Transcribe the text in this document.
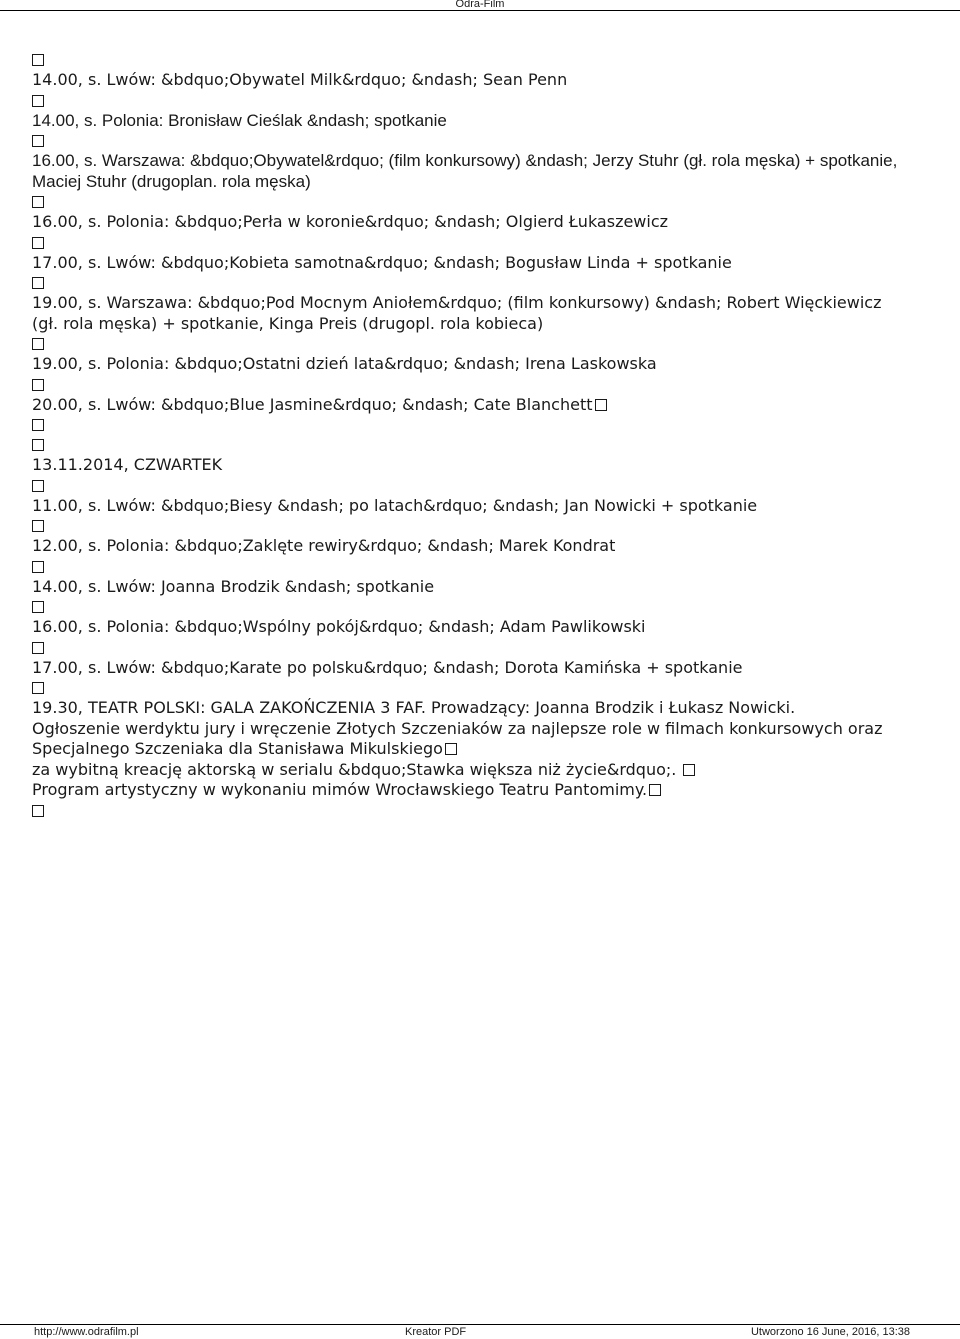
Odra-Film

14.00, s. Lwów: &bdquo;Obywatel Milk&rdquo; &ndash; Sean Penn

14.00, s. Polonia: Bronisław Cieślak &ndash; spotkanie

16.00, s. Warszawa: &bdquo;Obywatel&rdquo; (film konkursowy) &ndash; Jerzy Stuhr (gł. rola męska) + spotkanie, Maciej Stuhr (drugoplan. rola męska)

16.00, s. Polonia: &bdquo;Perła w koronie&rdquo; &ndash; Olgierd Łukaszewicz

17.00, s. Lwów: &bdquo;Kobieta samotna&rdquo; &ndash; Bogusław Linda + spotkanie

19.00, s. Warszawa: &bdquo;Pod Mocnym Aniołem&rdquo; (film konkursowy) &ndash; Robert Więckiewicz (gł. rola męska) + spotkanie, Kinga Preis (drugopl. rola kobieca)

19.00, s. Polonia: &bdquo;Ostatni dzień lata&rdquo; &ndash; Irena Laskowska

20.00, s. Lwów: &bdquo;Blue Jasmine&rdquo; &ndash; Cate Blanchett

13.11.2014, CZWARTEK

11.00, s. Lwów: &bdquo;Biesy &ndash; po latach&rdquo; &ndash; Jan Nowicki + spotkanie

12.00, s. Polonia: &bdquo;Zaklęte rewiry&rdquo; &ndash; Marek Kondrat

14.00, s. Lwów: Joanna Brodzik &ndash; spotkanie

16.00, s. Polonia: &bdquo;Wspólny pokój&rdquo; &ndash; Adam Pawlikowski

17.00, s. Lwów: &bdquo;Karate po polsku&rdquo; &ndash; Dorota Kamińska + spotkanie

19.30, TEATR POLSKI: GALA ZAKOŃCZENIA 3 FAF. Prowadzący: Joanna Brodzik i Łukasz Nowicki.

Ogłoszenie werdyktu jury i wręczenie Złotych Szczeniaków za najlepsze role w filmach konkursowych oraz Specjalnego Szczeniaka dla Stanisława Mikulskiego

za wybitną kreację aktorską w serialu &bdquo;Stawka większa niż życie&rdquo;.

Program artystyczny w wykonaniu mimów Wrocławskiego Teatru Pantomimy.

http://www.odrafilm.pl	Kreator PDF	Utworzono 16 June, 2016, 13:38
